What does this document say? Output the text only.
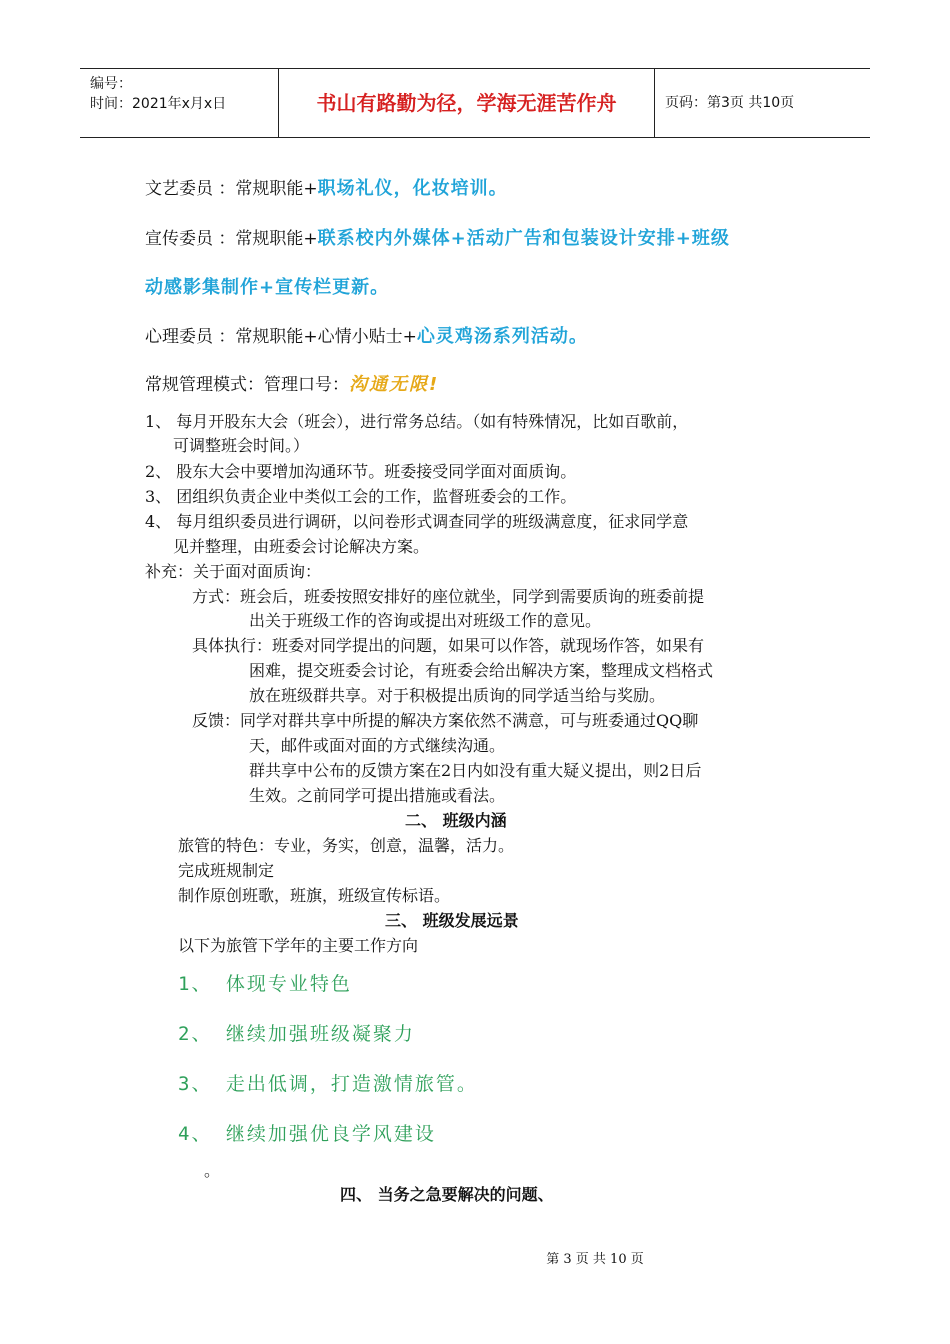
编号：
时间：2021年x月x日	书山有路勤为径，学海无涯苦作舟	页码：第3页 共10页
文艺委员 ：常规职能+职场礼仪，化妆培训。
宣传委员 ：常规职能+联系校内外媒体+活动广告和包装设计安排+班级
动感影集制作+宣传栏更新。
心理委员 ：常规职能+心情小贴士+心灵鸡汤系列活动。
常规管理模式：管理口号：沟通无限!
1、 每月开股东大会（班会），进行常务总结。（如有特殊情况，比如百歌前，
可调整班会时间。）
2、 股东大会中要增加沟通环节。班委接受同学面对面质询。
3、 团组织负责企业中类似工会的工作，监督班委会的工作。
4、 每月组织委员进行调研，以问卷形式调查同学的班级满意度，征求同学意
见并整理，由班委会讨论解决方案。
补充：关于面对面质询：
方式：班会后，班委按照安排好的座位就坐，同学到需要质询的班委前提
出关于班级工作的咨询或提出对班级工作的意见。
具体执行：班委对同学提出的问题，如果可以作答，就现场作答，如果有
困难，提交班委会讨论，有班委会给出解决方案，整理成文档格式
放在班级群共享。对于积极提出质询的同学适当给与奖励。
反馈：同学对群共享中所提的解决方案依然不满意，可与班委通过QQ聊
天，邮件或面对面的方式继续沟通。
群共享中公布的反馈方案在2日内如没有重大疑义提出，则2日后
生效。之前同学可提出措施或看法。
二、 班级内涵
旅管的特色：专业，务实，创意，温馨，活力。
完成班规制定
制作原创班歌，班旗，班级宣传标语。
三、 班级发展远景
以下为旅管下学年的主要工作方向
1、 体现专业特色
2、 继续加强班级凝聚力
3、 走出低调，打造激情旅管。
4、 继续加强优良学风建设
。
四、 当务之急要解决的问题、
第 3 页 共 10 页
